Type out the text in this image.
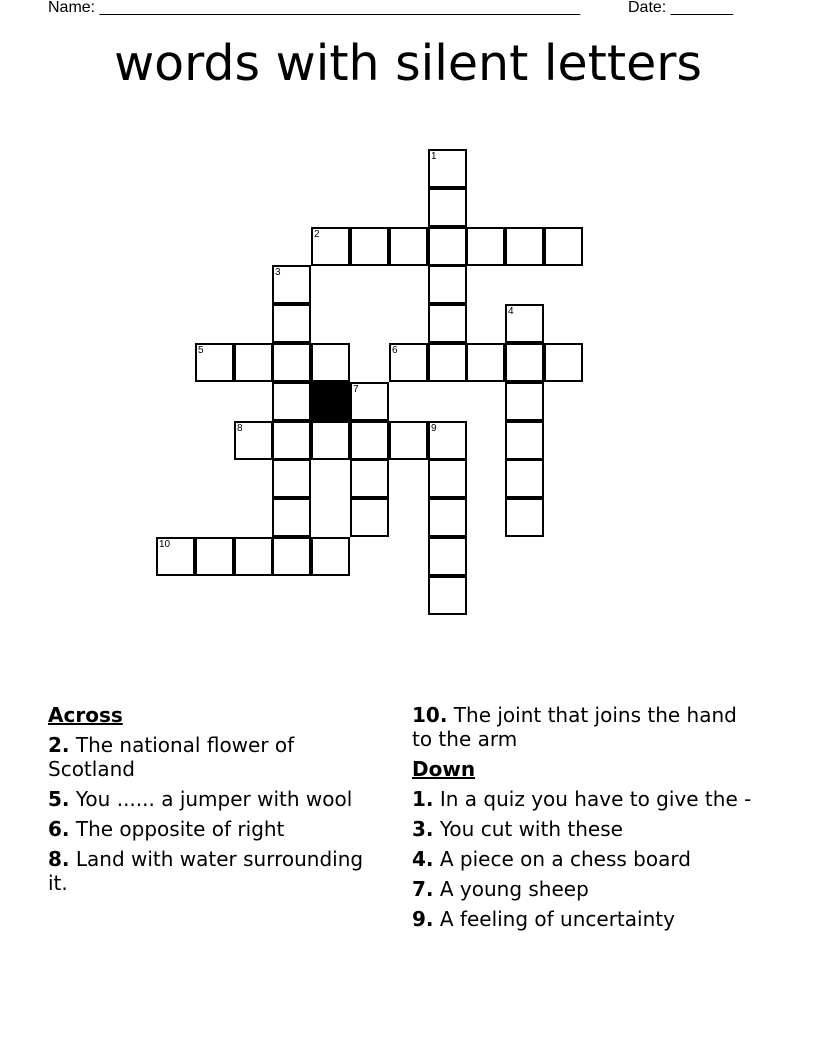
Name: ______________________________________________________	Date: _______
words with silent letters
1
2
3
4
5	6
7
8	9
10
Across
2. The national flower of Scotland
5. You ...... a jumper with wool
6. The opposite of right
8. Land with water surrounding it.
10. The joint that joins the hand to the arm
Down
1. In a quiz you have to give the -
3. You cut with these
4. A piece on a chess board
7. A young sheep
9. A feeling of uncertainty
